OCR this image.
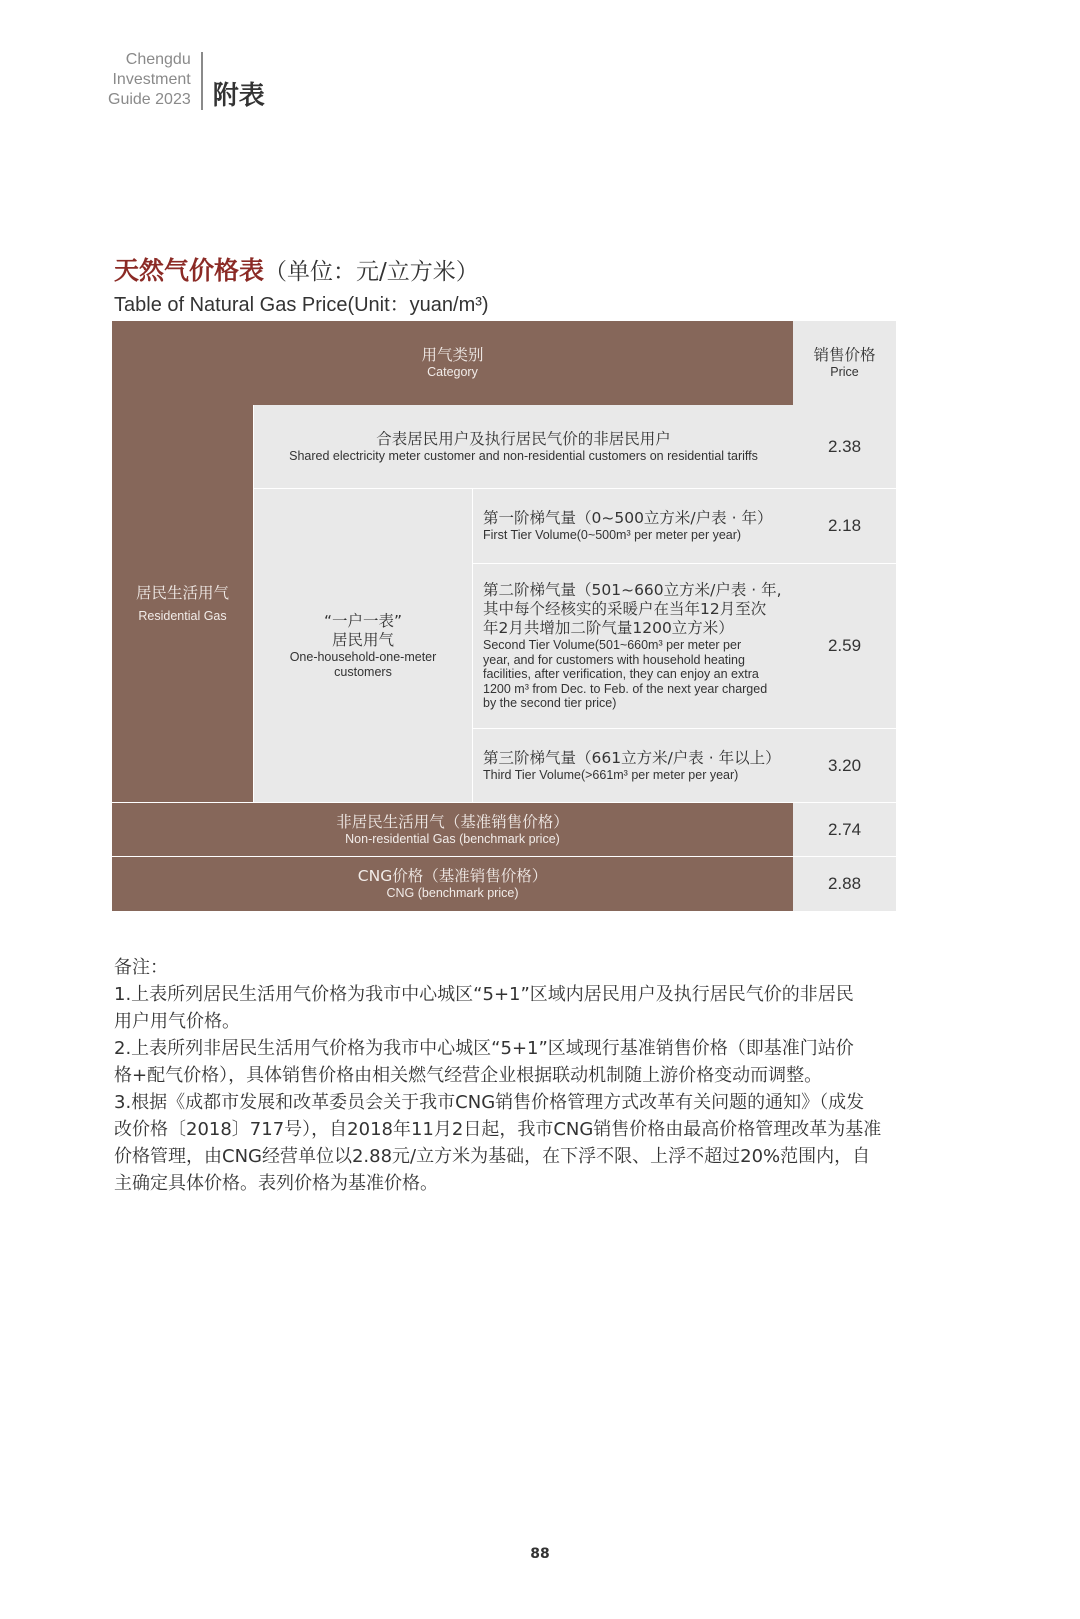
Chengdu
Investment
Guide 2023 附表
天然气价格表（单位：元/立方米）
Table of Natural Gas Price(Unit：yuan/m³)
用气类别
Category
销售价格
Price
居民生活用气
Residential Gas
合表居民用户及执行居民气价的非居民用户
Shared electricity meter customer and non-residential customers on residential tariffs
2.38
“一户一表”
居民用气
One-household-one-meter
customers
第一阶梯气量（0~500立方米/户表 · 年）
First Tier Volume(0~500m³ per meter per year)
2.18
第二阶梯气量（501~660立方米/户表 · 年,
其中每个经核实的采暖户在当年12月至次
年2月共增加二阶气量1200立方米）
Second Tier Volume(501~660m³ per meter per
year, and for customers with household heating
facilities, after verification, they can enjoy an extra
1200 m³ from Dec. to Feb. of the next year charged
by the second tier price)
2.59
第三阶梯气量（661立方米/户表 · 年以上）
Third Tier Volume(>661m³ per meter per year)
3.20
非居民生活用气（基准销售价格）
Non-residential Gas (benchmark price)
2.74
CNG价格（基准销售价格）
CNG (benchmark price)
2.88

备注：

1.上表所列居民生活用气价格为我市中心城区“5+1”区域内居民用户及执行居民气价的非居民

用户用气价格。

2.上表所列非居民生活用气价格为我市中心城区“5+1”区域现行基准销售价格（即基准门站价

格+配气价格），具体销售价格由相关燃气经营企业根据联动机制随上游价格变动而调整。

3.根据《成都市发展和改革委员会关于我市CNG销售价格管理方式改革有关问题的通知》（成发

改价格〔2018〕717号），自2018年11月2日起，我市CNG销售价格由最高价格管理改革为基准

价格管理，由CNG经营单位以2.88元/立方米为基础，在下浮不限、上浮不超过20%范围内，自

主确定具体价格。表列价格为基准价格。

88
